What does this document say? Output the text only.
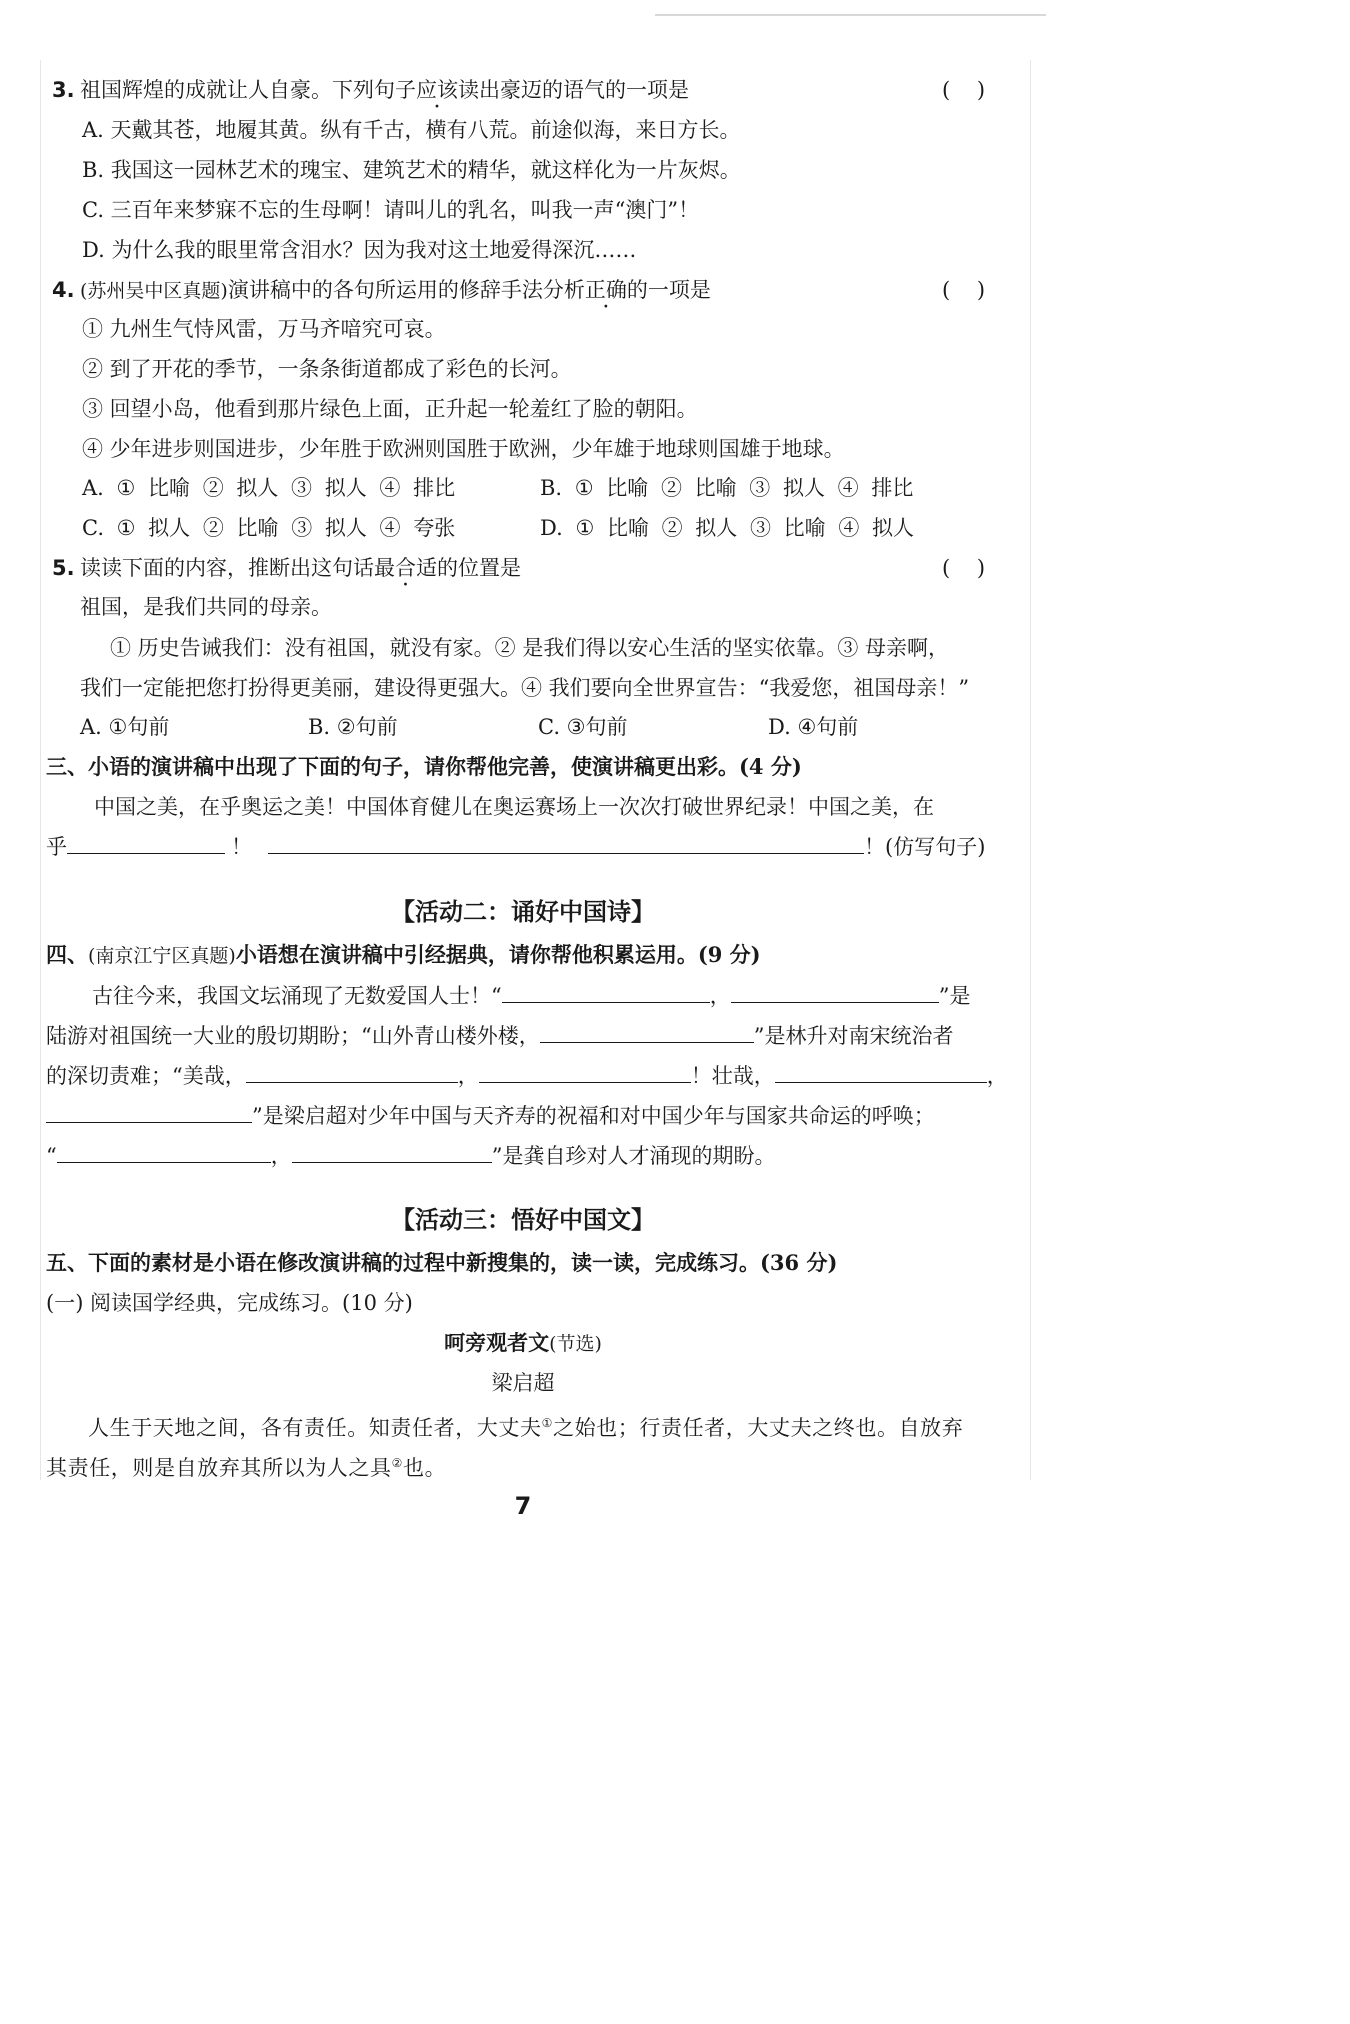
3. 祖国辉煌的成就让人自豪。下列句子应该读出豪迈的语气的一项是	( )
A. 天戴其苍，地履其黄。纵有千古，横有八荒。前途似海，来日方长。
B. 我国这一园林艺术的瑰宝、建筑艺术的精华，就这样化为一片灰烬。
C. 三百年来梦寐不忘的生母啊！请叫儿的乳名，叫我一声“澳门”！
D. 为什么我的眼里常含泪水？因为我对这土地爱得深沉……
4. (苏州吴中区真题)演讲稿中的各句所运用的修辞手法分析正确的一项是	( )
① 九州生气恃风雷，万马齐喑究可哀。
② 到了开花的季节，一条条街道都成了彩色的长河。
③ 回望小岛，他看到那片绿色上面，正升起一轮羞红了脸的朝阳。
④ 少年进步则国进步，少年胜于欧洲则国胜于欧洲，少年雄于地球则国雄于地球。
A. ① 比喻 ② 拟人 ③ 拟人 ④ 排比	B. ① 比喻 ② 比喻 ③ 拟人 ④ 排比
C. ① 拟人 ② 比喻 ③ 拟人 ④ 夸张	D. ① 比喻 ② 拟人 ③ 比喻 ④ 拟人
5. 读读下面的内容，推断出这句话最合适的位置是	( )
祖国，是我们共同的母亲。
① 历史告诫我们：没有祖国，就没有家。② 是我们得以安心生活的坚实依靠。③ 母亲啊，
我们一定能把您打扮得更美丽，建设得更强大。④ 我们要向全世界宣告：“我爱您，祖国母亲！”
A. ①句前	B. ②句前	C. ③句前	D. ④句前
三、小语的演讲稿中出现了下面的句子，请你帮他完善，使演讲稿更出彩。(4 分)
中国之美，在乎奥运之美！中国体育健儿在奥运赛场上一次次打破世界纪录！中国之美，在
乎	！	！(仿写句子)
【活动二：诵好中国诗】
四、(南京江宁区真题)小语想在演讲稿中引经据典，请你帮他积累运用。(9 分)
古往今来，我国文坛涌现了无数爱国人士！“	，	”是
陆游对祖国统一大业的殷切期盼；“山外青山楼外楼，	”是林升对南宋统治者
的深切责难；“美哉，	，	！壮哉，	，
”是梁启超对少年中国与天齐寿的祝福和对中国少年与国家共命运的呼唤；
“	，	”是龚自珍对人才涌现的期盼。
【活动三：悟好中国文】
五、下面的素材是小语在修改演讲稿的过程中新搜集的，读一读，完成练习。(36 分)
(一) 阅读国学经典，完成练习。(10 分)
呵旁观者文(节选)
梁启超
人生于天地之间，各有责任。知责任者，大丈夫①之始也；行责任者，大丈夫之终也。自放弃
其责任，则是自放弃其所以为人之具②也。
7
